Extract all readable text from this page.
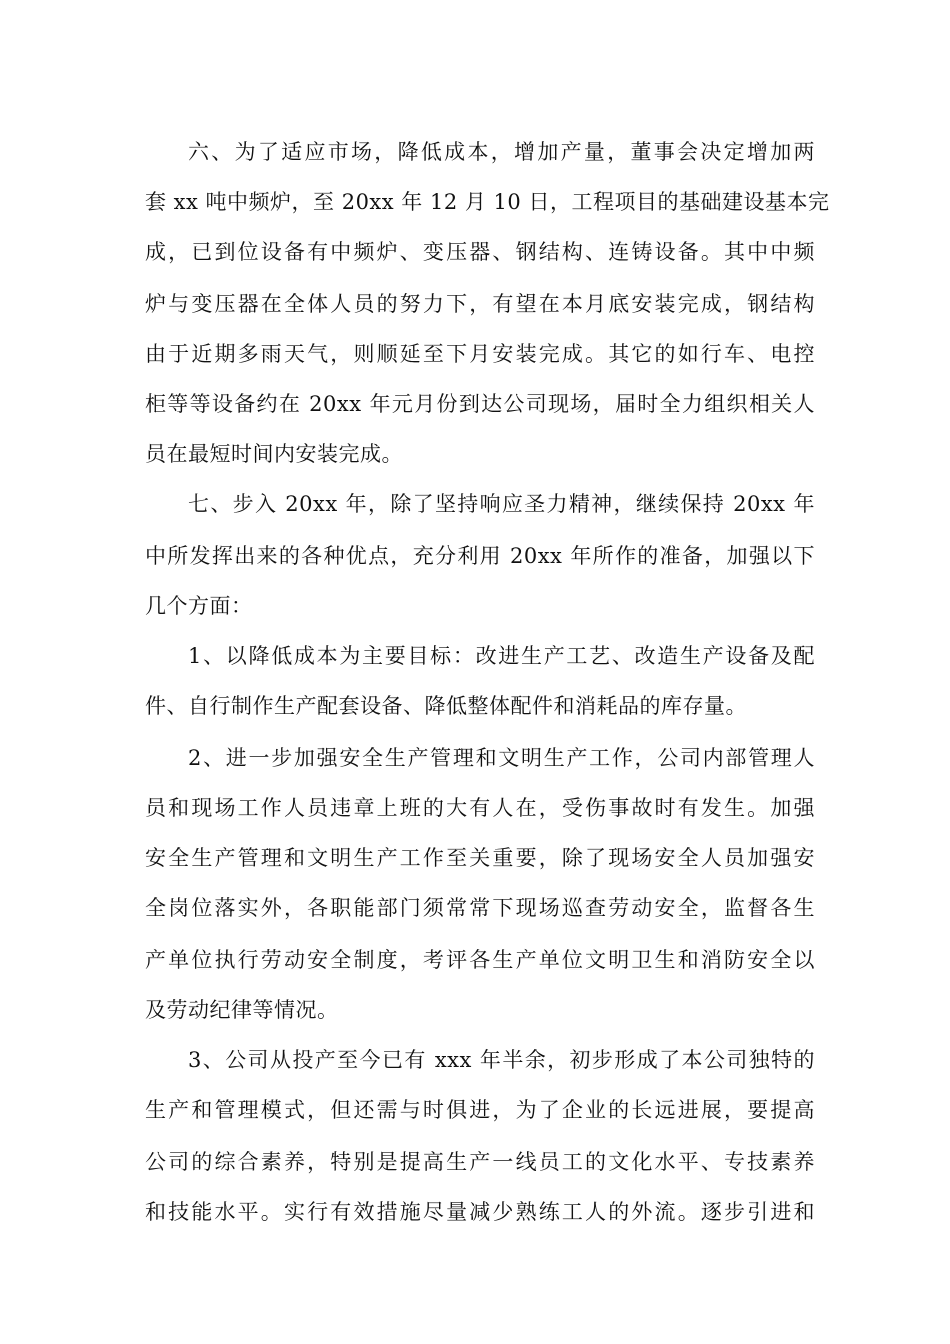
六、为了适应市场，降低成本，增加产量，董事会决定增加两
套 xx 吨中频炉，至 20xx 年 12 月 10 日，工程项目的基础建设基本完
成，已到位设备有中频炉、变压器、钢结构、连铸设备。其中中频
炉与变压器在全体人员的努力下，有望在本月底安装完成，钢结构
由于近期多雨天气，则顺延至下月安装完成。其它的如行车、电控
柜等等设备约在 20xx 年元月份到达公司现场，届时全力组织相关人
员在最短时间内安装完成。
七、步入 20xx 年，除了坚持响应圣力精神，继续保持 20xx 年
中所发挥出来的各种优点，充分利用 20xx 年所作的准备，加强以下
几个方面：
1、以降低成本为主要目标：改进生产工艺、改造生产设备及配
件、自行制作生产配套设备、降低整体配件和消耗品的库存量。
2、进一步加强安全生产管理和文明生产工作，公司内部管理人
员和现场工作人员违章上班的大有人在，受伤事故时有发生。加强
安全生产管理和文明生产工作至关重要，除了现场安全人员加强安
全岗位落实外，各职能部门须常常下现场巡查劳动安全，监督各生
产单位执行劳动安全制度，考评各生产单位文明卫生和消防安全以
及劳动纪律等情况。
3、公司从投产至今已有 xxx 年半余，初步形成了本公司独特的
生产和管理模式，但还需与时俱进，为了企业的长远进展，要提高
公司的综合素养，特别是提高生产一线员工的文化水平、专技素养
和技能水平。实行有效措施尽量减少熟练工人的外流。逐步引进和
